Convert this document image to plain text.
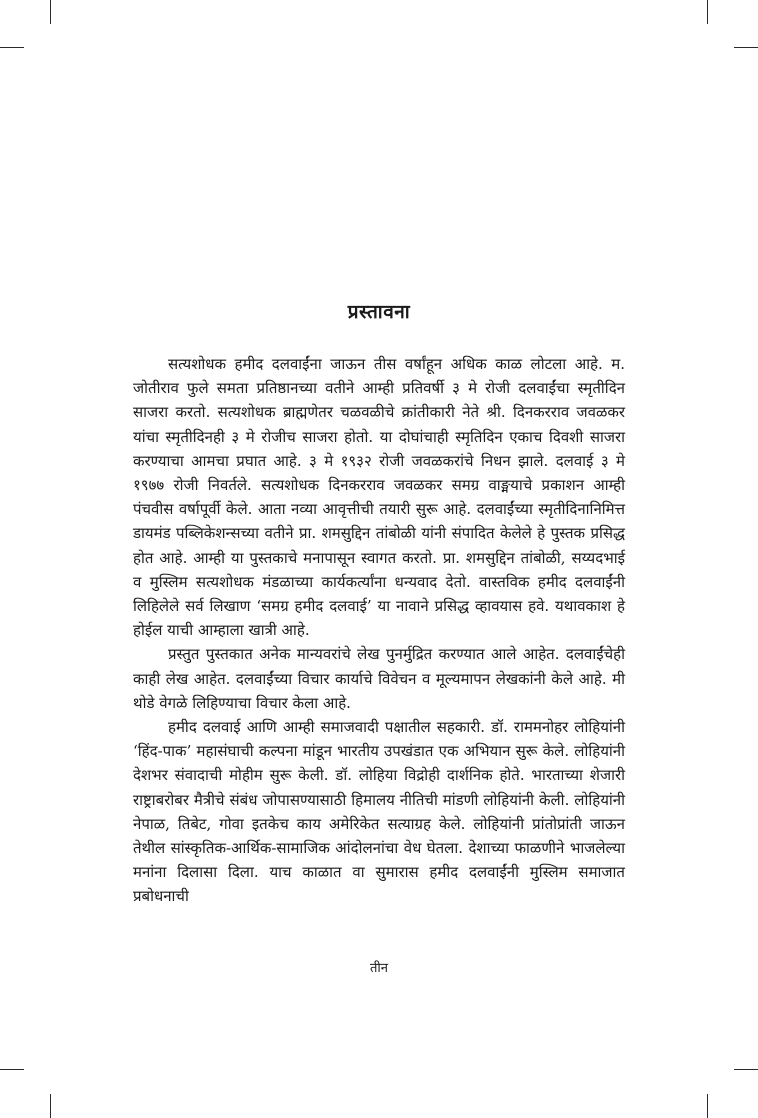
प्रस्तावना

सत्यशोधक हमीद दलवाईंना जाऊन तीस वर्षांहून अधिक काळ लोटला आहे. म. जोतीराव फुले समता प्रतिष्ठानच्या वतीने आम्ही प्रतिवर्षी ३ मे रोजी दलवाईंचा स्मृतीदिन साजरा करतो. सत्यशोधक ब्राह्मणेतर चळवळीचे क्रांतीकारी नेते श्री. दिनकरराव जवळकर यांचा स्मृतीदिनही ३ मे रोजीच साजरा होतो. या दोघांचाही स्मृतिदिन एकाच दिवशी साजरा करण्याचा आमचा प्रघात आहे. ३ मे १९३२ रोजी जवळकरांचे निधन झाले. दलवाई ३ मे १९७७ रोजी निवर्तले. सत्यशोधक दिनकरराव जवळकर समग्र वाङ्मयाचे प्रकाशन आम्ही पंचवीस वर्षापूर्वी केले. आता नव्या आवृत्तीची तयारी सुरू आहे. दलवाईंच्या स्मृतीदिनानिमित्त डायमंड पब्लिकेशन्सच्या वतीने प्रा. शमसुद्दिन तांबोळी यांनी संपादित केलेले हे पुस्तक प्रसिद्ध होत आहे. आम्ही या पुस्तकाचे मनापासून स्वागत करतो. प्रा. शमसुद्दिन तांबोळी, सय्यदभाई व मुस्लिम सत्यशोधक मंडळाच्या कार्यकर्त्यांना धन्यवाद देतो. वास्तविक हमीद दलवाईंनी लिहिलेले सर्व लिखाण ‘समग्र हमीद दलवाई’ या नावाने प्रसिद्ध व्हावयास हवे. यथावकाश हे होईल याची आम्हाला खात्री आहे.

प्रस्तुत पुस्तकात अनेक मान्यवरांचे लेख पुनर्मुद्रित करण्यात आले आहेत. दलवाईंचेही काही लेख आहेत. दलवाईंच्या विचार कार्याचे विवेचन व मूल्यमापन लेखकांनी केले आहे. मी थोडे वेगळे लिहिण्याचा विचार केला आहे.

हमीद दलवाई आणि आम्ही समाजवादी पक्षातील सहकारी. डॉ. राममनोहर लोहियांनी ‘हिंद-पाक’ महासंघाची कल्पना मांडून भारतीय उपखंडात एक अभियान सुरू केले. लोहियांनी देशभर संवादाची मोहीम सुरू केली. डॉ. लोहिया विद्रोही दार्शनिक होते. भारताच्या शेजारी राष्ट्राबरोबर मैत्रीचे संबंध जोपासण्यासाठी हिमालय नीतिची मांडणी लोहियांनी केली. लोहियांनी नेपाळ, तिबेट, गोवा इतकेच काय अमेरिकेत सत्याग्रह केले. लोहियांनी प्रांतोप्रांती जाऊन तेथील सांस्कृतिक-आर्थिक-सामाजिक आंदोलनांचा वेध घेतला. देशाच्या फाळणीने भाजलेल्या मनांना दिलासा दिला. याच काळात वा सुमारास हमीद दलवाईंनी मुस्लिम समाजात प्रबोधनाची

तीन
